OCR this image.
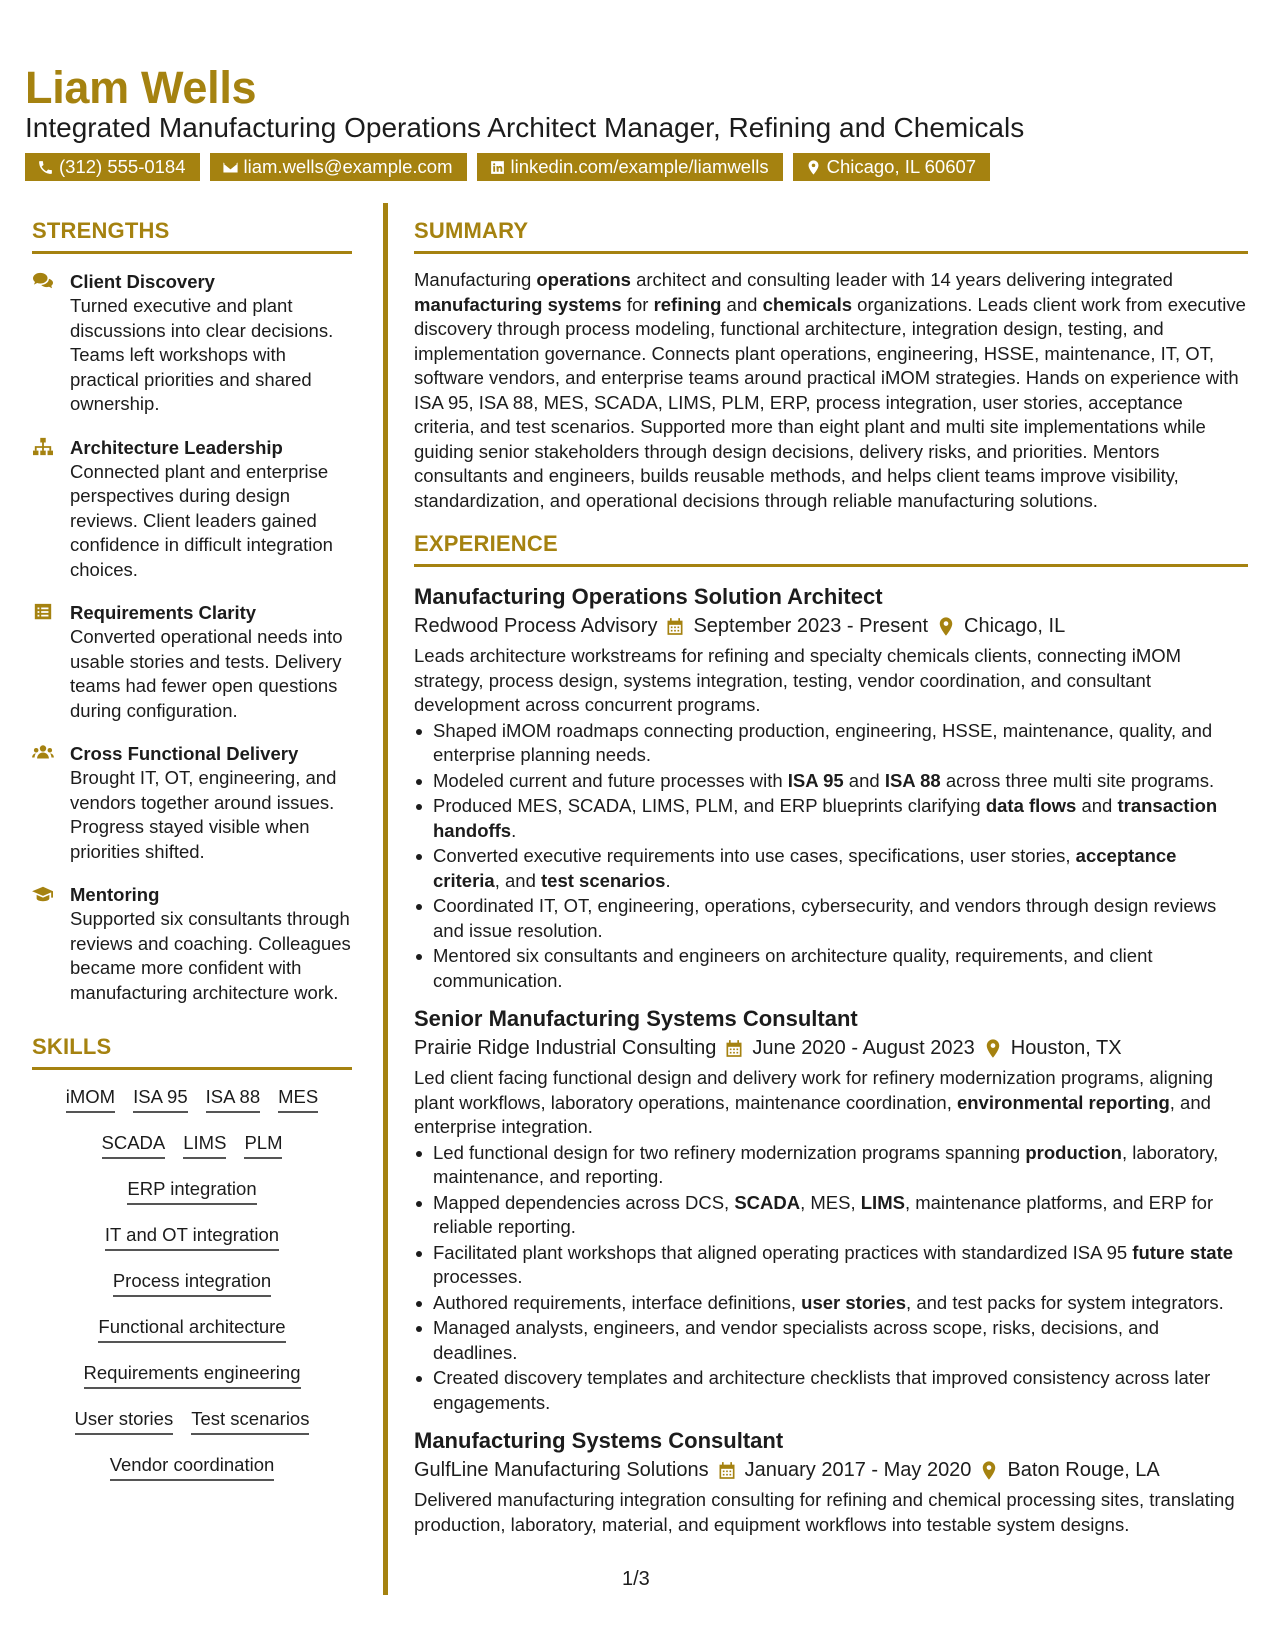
Liam Wells
Integrated Manufacturing Operations Architect Manager, Refining and Chemicals
(312) 555-0184	liam.wells@example.com	linkedin.com/example/liamwells	Chicago, IL 60607
STRENGTHS
Client Discovery
Turned executive and plant discussions into clear decisions. Teams left workshops with practical priorities and shared ownership.
Architecture Leadership
Connected plant and enterprise perspectives during design reviews. Client leaders gained confidence in difficult integration choices.
Requirements Clarity
Converted operational needs into usable stories and tests. Delivery teams had fewer open questions during configuration.
Cross Functional Delivery
Brought IT, OT, engineering, and vendors together around issues. Progress stayed visible when priorities shifted.
Mentoring
Supported six consultants through reviews and coaching. Colleagues became more confident with manufacturing architecture work.
SKILLS
iMOM ISA 95 ISA 88 MES
SCADA LIMS PLM
ERP integration
IT and OT integration
Process integration
Functional architecture
Requirements engineering
User stories Test scenarios
Vendor coordination
SUMMARY
Manufacturing operations architect and consulting leader with 14 years delivering integrated manufacturing systems for refining and chemicals organizations. Leads client work from executive discovery through process modeling, functional architecture, integration design, testing, and implementation governance. Connects plant operations, engineering, HSSE, maintenance, IT, OT, software vendors, and enterprise teams around practical iMOM strategies. Hands on experience with ISA 95, ISA 88, MES, SCADA, LIMS, PLM, ERP, process integration, user stories, acceptance criteria, and test scenarios. Supported more than eight plant and multi site implementations while guiding senior stakeholders through design decisions, delivery risks, and priorities. Mentors consultants and engineers, builds reusable methods, and helps client teams improve visibility, standardization, and operational decisions through reliable manufacturing solutions.
EXPERIENCE
Manufacturing Operations Solution Architect
Redwood Process Advisory September 2023 - Present Chicago, IL
Leads architecture workstreams for refining and specialty chemicals clients, connecting iMOM strategy, process design, systems integration, testing, vendor coordination, and consultant development across concurrent programs.
Shaped iMOM roadmaps connecting production, engineering, HSSE, maintenance, quality, and enterprise planning needs.
Modeled current and future processes with ISA 95 and ISA 88 across three multi site programs.
Produced MES, SCADA, LIMS, PLM, and ERP blueprints clarifying data flows and transaction handoffs.
Converted executive requirements into use cases, specifications, user stories, acceptance criteria, and test scenarios.
Coordinated IT, OT, engineering, operations, cybersecurity, and vendors through design reviews and issue resolution.
Mentored six consultants and engineers on architecture quality, requirements, and client communication.
Senior Manufacturing Systems Consultant
Prairie Ridge Industrial Consulting June 2020 - August 2023 Houston, TX
Led client facing functional design and delivery work for refinery modernization programs, aligning plant workflows, laboratory operations, maintenance coordination, environmental reporting, and enterprise integration.
Led functional design for two refinery modernization programs spanning production, laboratory, maintenance, and reporting.
Mapped dependencies across DCS, SCADA, MES, LIMS, maintenance platforms, and ERP for reliable reporting.
Facilitated plant workshops that aligned operating practices with standardized ISA 95 future state processes.
Authored requirements, interface definitions, user stories, and test packs for system integrators.
Managed analysts, engineers, and vendor specialists across scope, risks, decisions, and deadlines.
Created discovery templates and architecture checklists that improved consistency across later engagements.
Manufacturing Systems Consultant
GulfLine Manufacturing Solutions January 2017 - May 2020 Baton Rouge, LA
Delivered manufacturing integration consulting for refining and chemical processing sites, translating production, laboratory, material, and equipment workflows into testable system designs.
1/3
